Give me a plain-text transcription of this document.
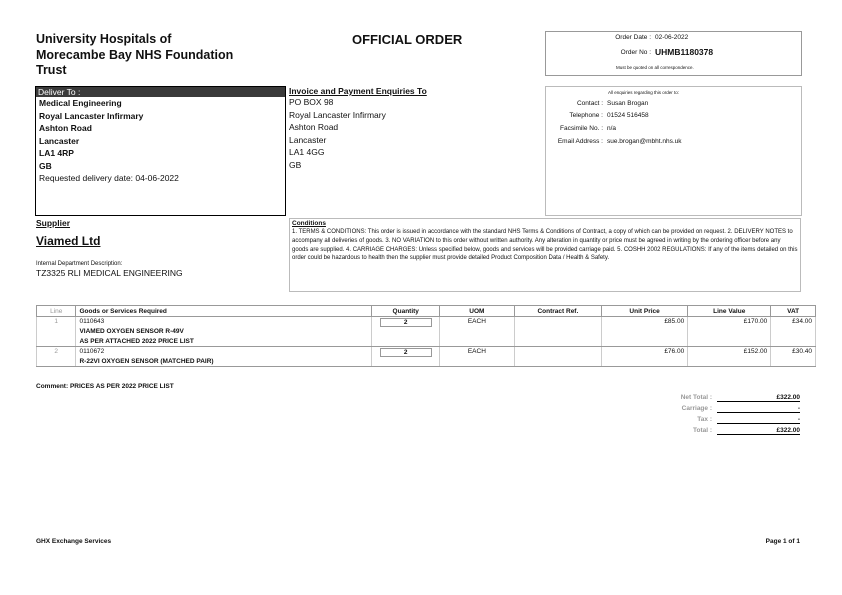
University Hospitals of
Morecambe Bay NHS Foundation
Trust
OFFICIAL ORDER	Order Date : 02-06-2022
Order No : UHMB1180378
Must be quoted on all correspondence.
Deliver To :
Medical Engineering
Royal Lancaster Infirmary
Ashton Road
Lancaster
LA1 4RP
GB
Requested delivery date: 04-06-2022
Invoice and Payment Enquiries To
PO BOX 98
Royal Lancaster Infirmary
Ashton Road
Lancaster
LA1 4GG
GB
All enquiries regarding this order to:
Contact : Susan Brogan
Telephone : 01524 516458
Facsimile No. : n/a
Email Address : sue.brogan@mbht.nhs.uk
Supplier
Viamed Ltd
Internal Department Description:
TZ3325 RLI MEDICAL ENGINEERING
Conditions
1. TERMS & CONDITIONS: This order is issued in accordance with the standard NHS Terms & Conditions of Contract, a copy of which can be provided on request. 2. DELIVERY NOTES to accompany all deliveries of goods. 3. NO VARIATION to this order without written authority. Any alteration in quantity or price must be agreed in writing by the ordering officer before any goods are supplied. 4. CARRIAGE CHARGES: Unless specified below, goods and services will be provided carriage paid. 5. COSHH 2002 REGULATIONS: If any of the items detailed on this order could be hazardous to health then the supplier must provide detailed Product Composition Data / Health & Safety.
Line	Goods or Services Required	Quantity	UOM	Contract Ref.	Unit Price	Line Value	VAT
1	0110643
VIAMED OXYGEN SENSOR R-49V
AS PER ATTACHED 2022 PRICE LIST	2	EACH		£85.00	£170.00	£34.00
2	0110672
R-22VI OXYGEN SENSOR (MATCHED PAIR)	2	EACH		£76.00	£152.00	£30.40
Comment: PRICES AS PER 2022 PRICE LIST
Net Total :	£322.00
Carriage :	-
Tax :	-
Total :	£322.00
GHX Exchange Services	Page 1 of 1
